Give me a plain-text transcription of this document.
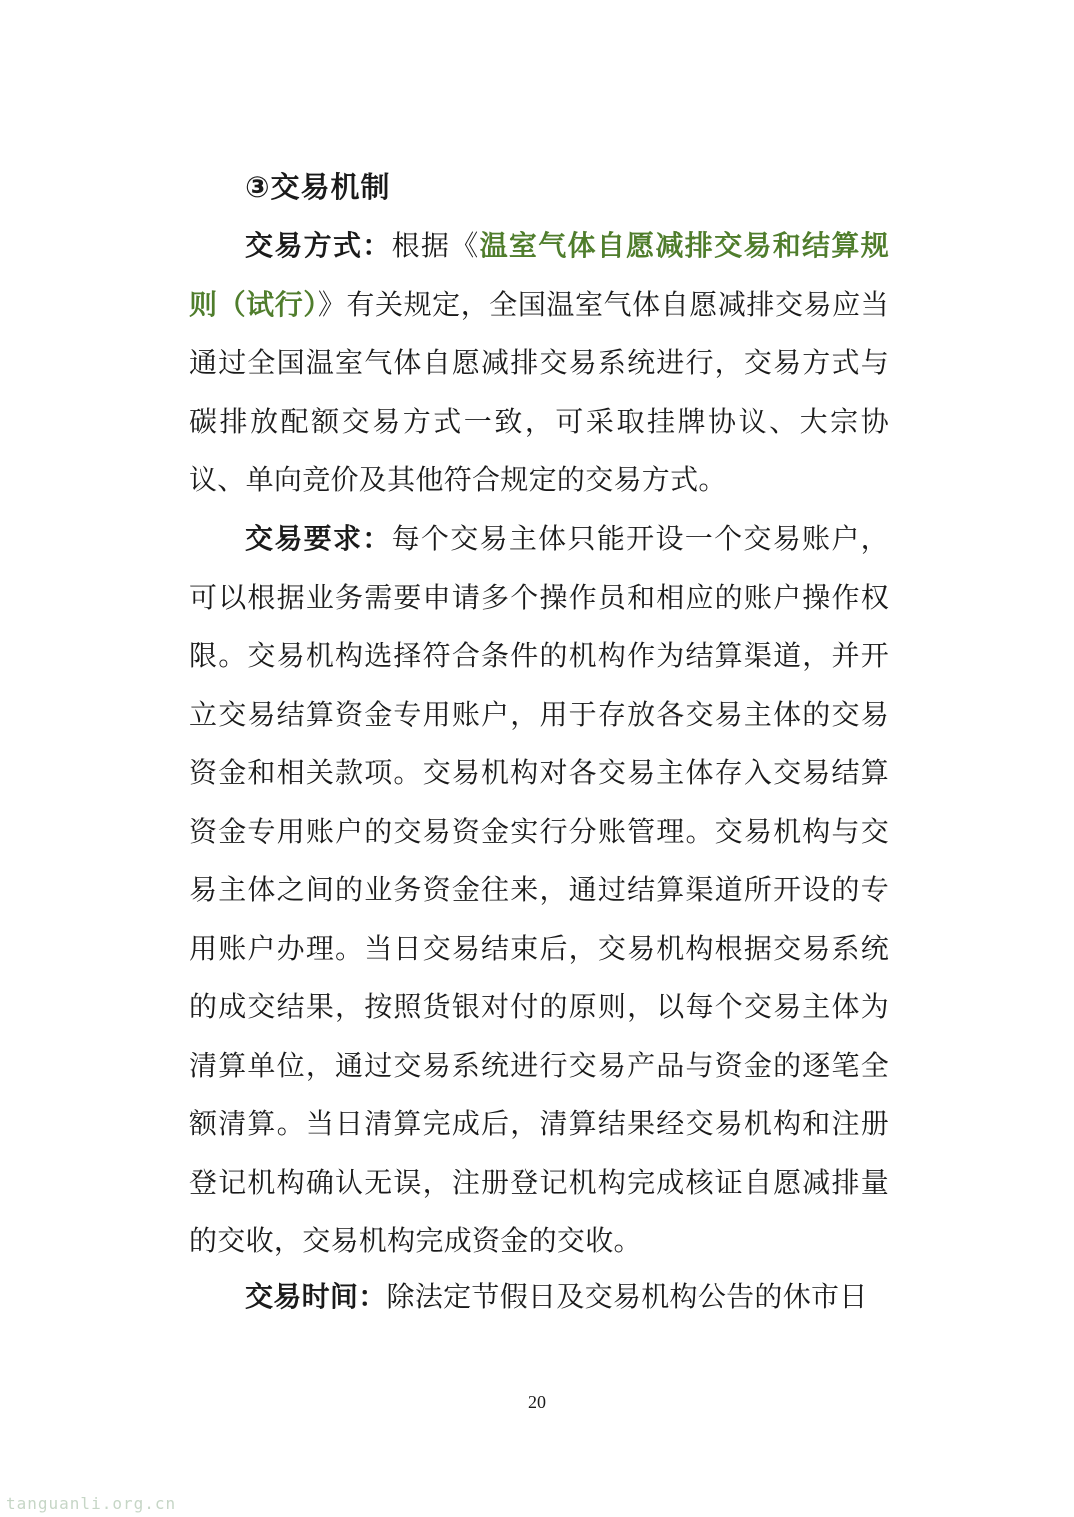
③交易机制

交易方式：根据《温室气体自愿减排交易和结算规则（试行）》有关规定，全国温室气体自愿减排交易应当通过全国温室气体自愿减排交易系统进行，交易方式与碳排放配额交易方式一致，可采取挂牌协议、大宗协议、单向竞价及其他符合规定的交易方式。

交易要求：每个交易主体只能开设一个交易账户，可以根据业务需要申请多个操作员和相应的账户操作权限。交易机构选择符合条件的机构作为结算渠道，并开立交易结算资金专用账户，用于存放各交易主体的交易资金和相关款项。交易机构对各交易主体存入交易结算资金专用账户的交易资金实行分账管理。交易机构与交易主体之间的业务资金往来，通过结算渠道所开设的专用账户办理。当日交易结束后，交易机构根据交易系统的成交结果，按照货银对付的原则，以每个交易主体为清算单位，通过交易系统进行交易产品与资金的逐笔全额清算。当日清算完成后，清算结果经交易机构和注册登记机构确认无误，注册登记机构完成核证自愿减排量的交收，交易机构完成资金的交收。

交易时间：除法定节假日及交易机构公告的休市日

20
tanguanli.org.cn
